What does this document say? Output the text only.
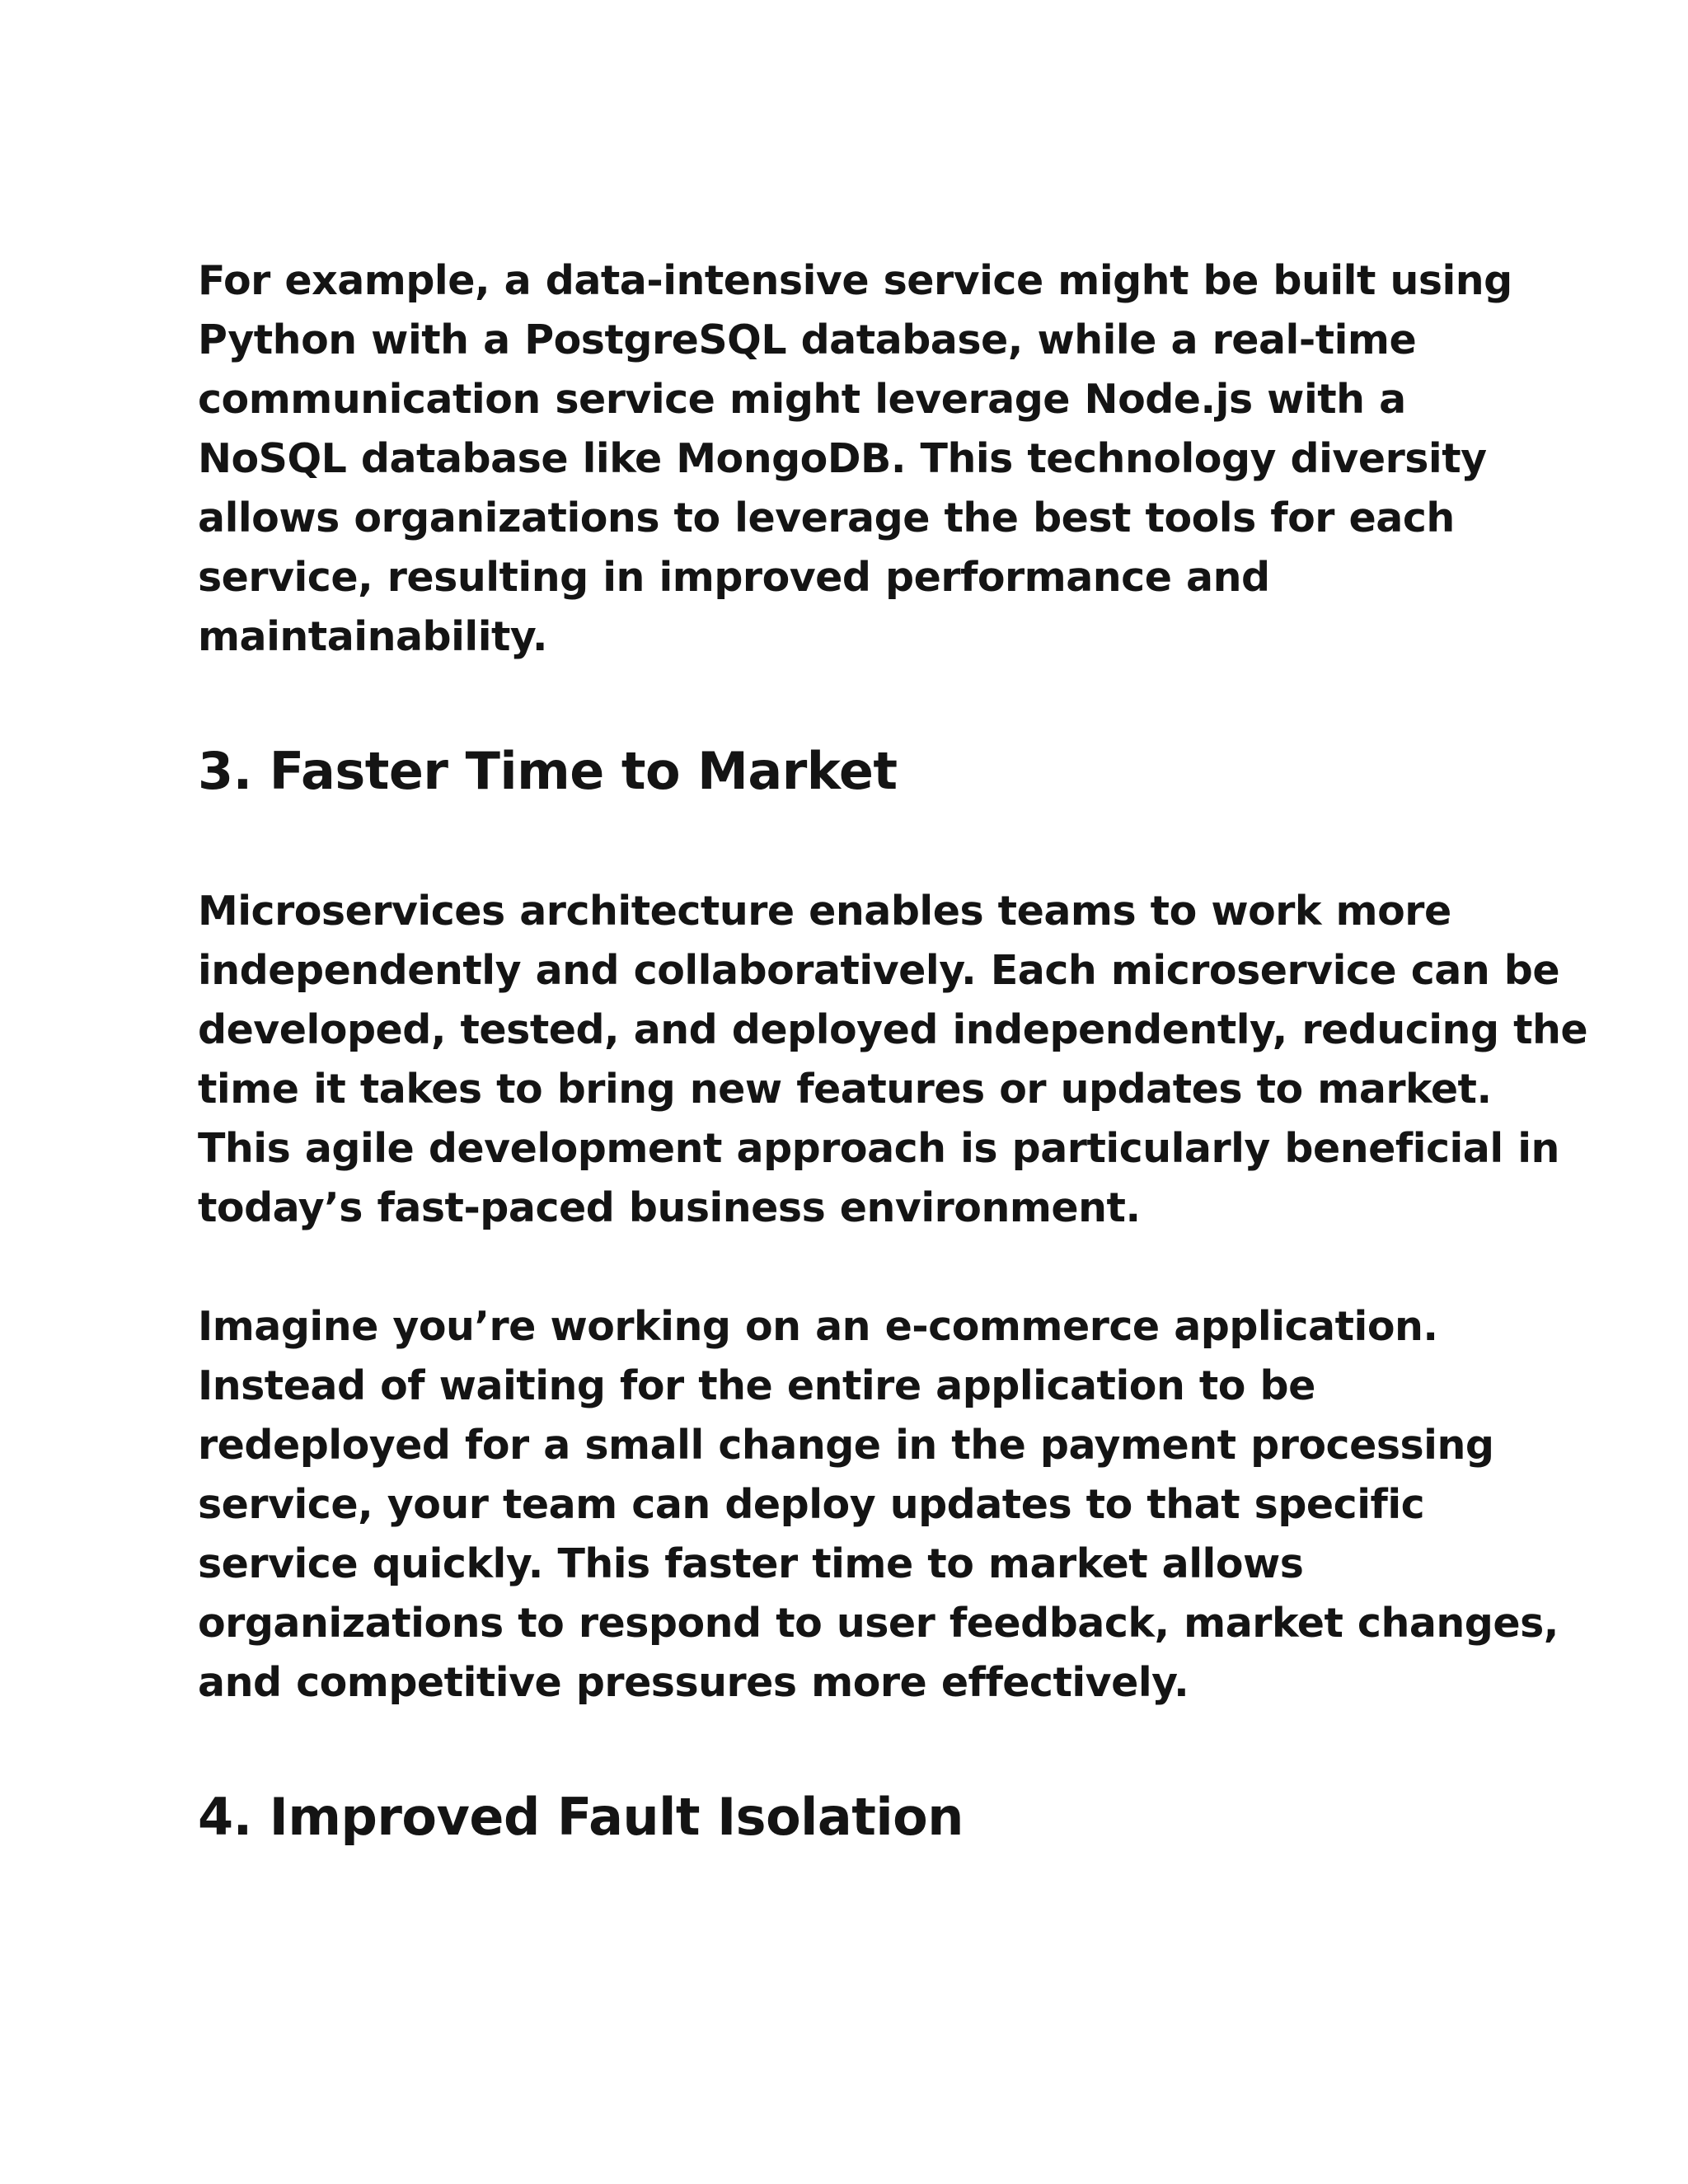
For example, a data-intensive service might be built using
Python with a PostgreSQL database, while a real-time
communication service might leverage Node.js with a
NoSQL database like MongoDB. This technology diversity
allows organizations to leverage the best tools for each
service, resulting in improved performance and
maintainability.

3. Faster Time to Market

Microservices architecture enables teams to work more
independently and collaboratively. Each microservice can be
developed, tested, and deployed independently, reducing the
time it takes to bring new features or updates to market.
This agile development approach is particularly beneficial in
today’s fast-paced business environment.

Imagine you’re working on an e-commerce application.
Instead of waiting for the entire application to be
redeployed for a small change in the payment processing
service, your team can deploy updates to that specific
service quickly. This faster time to market allows
organizations to respond to user feedback, market changes,
and competitive pressures more effectively.

4. Improved Fault Isolation
